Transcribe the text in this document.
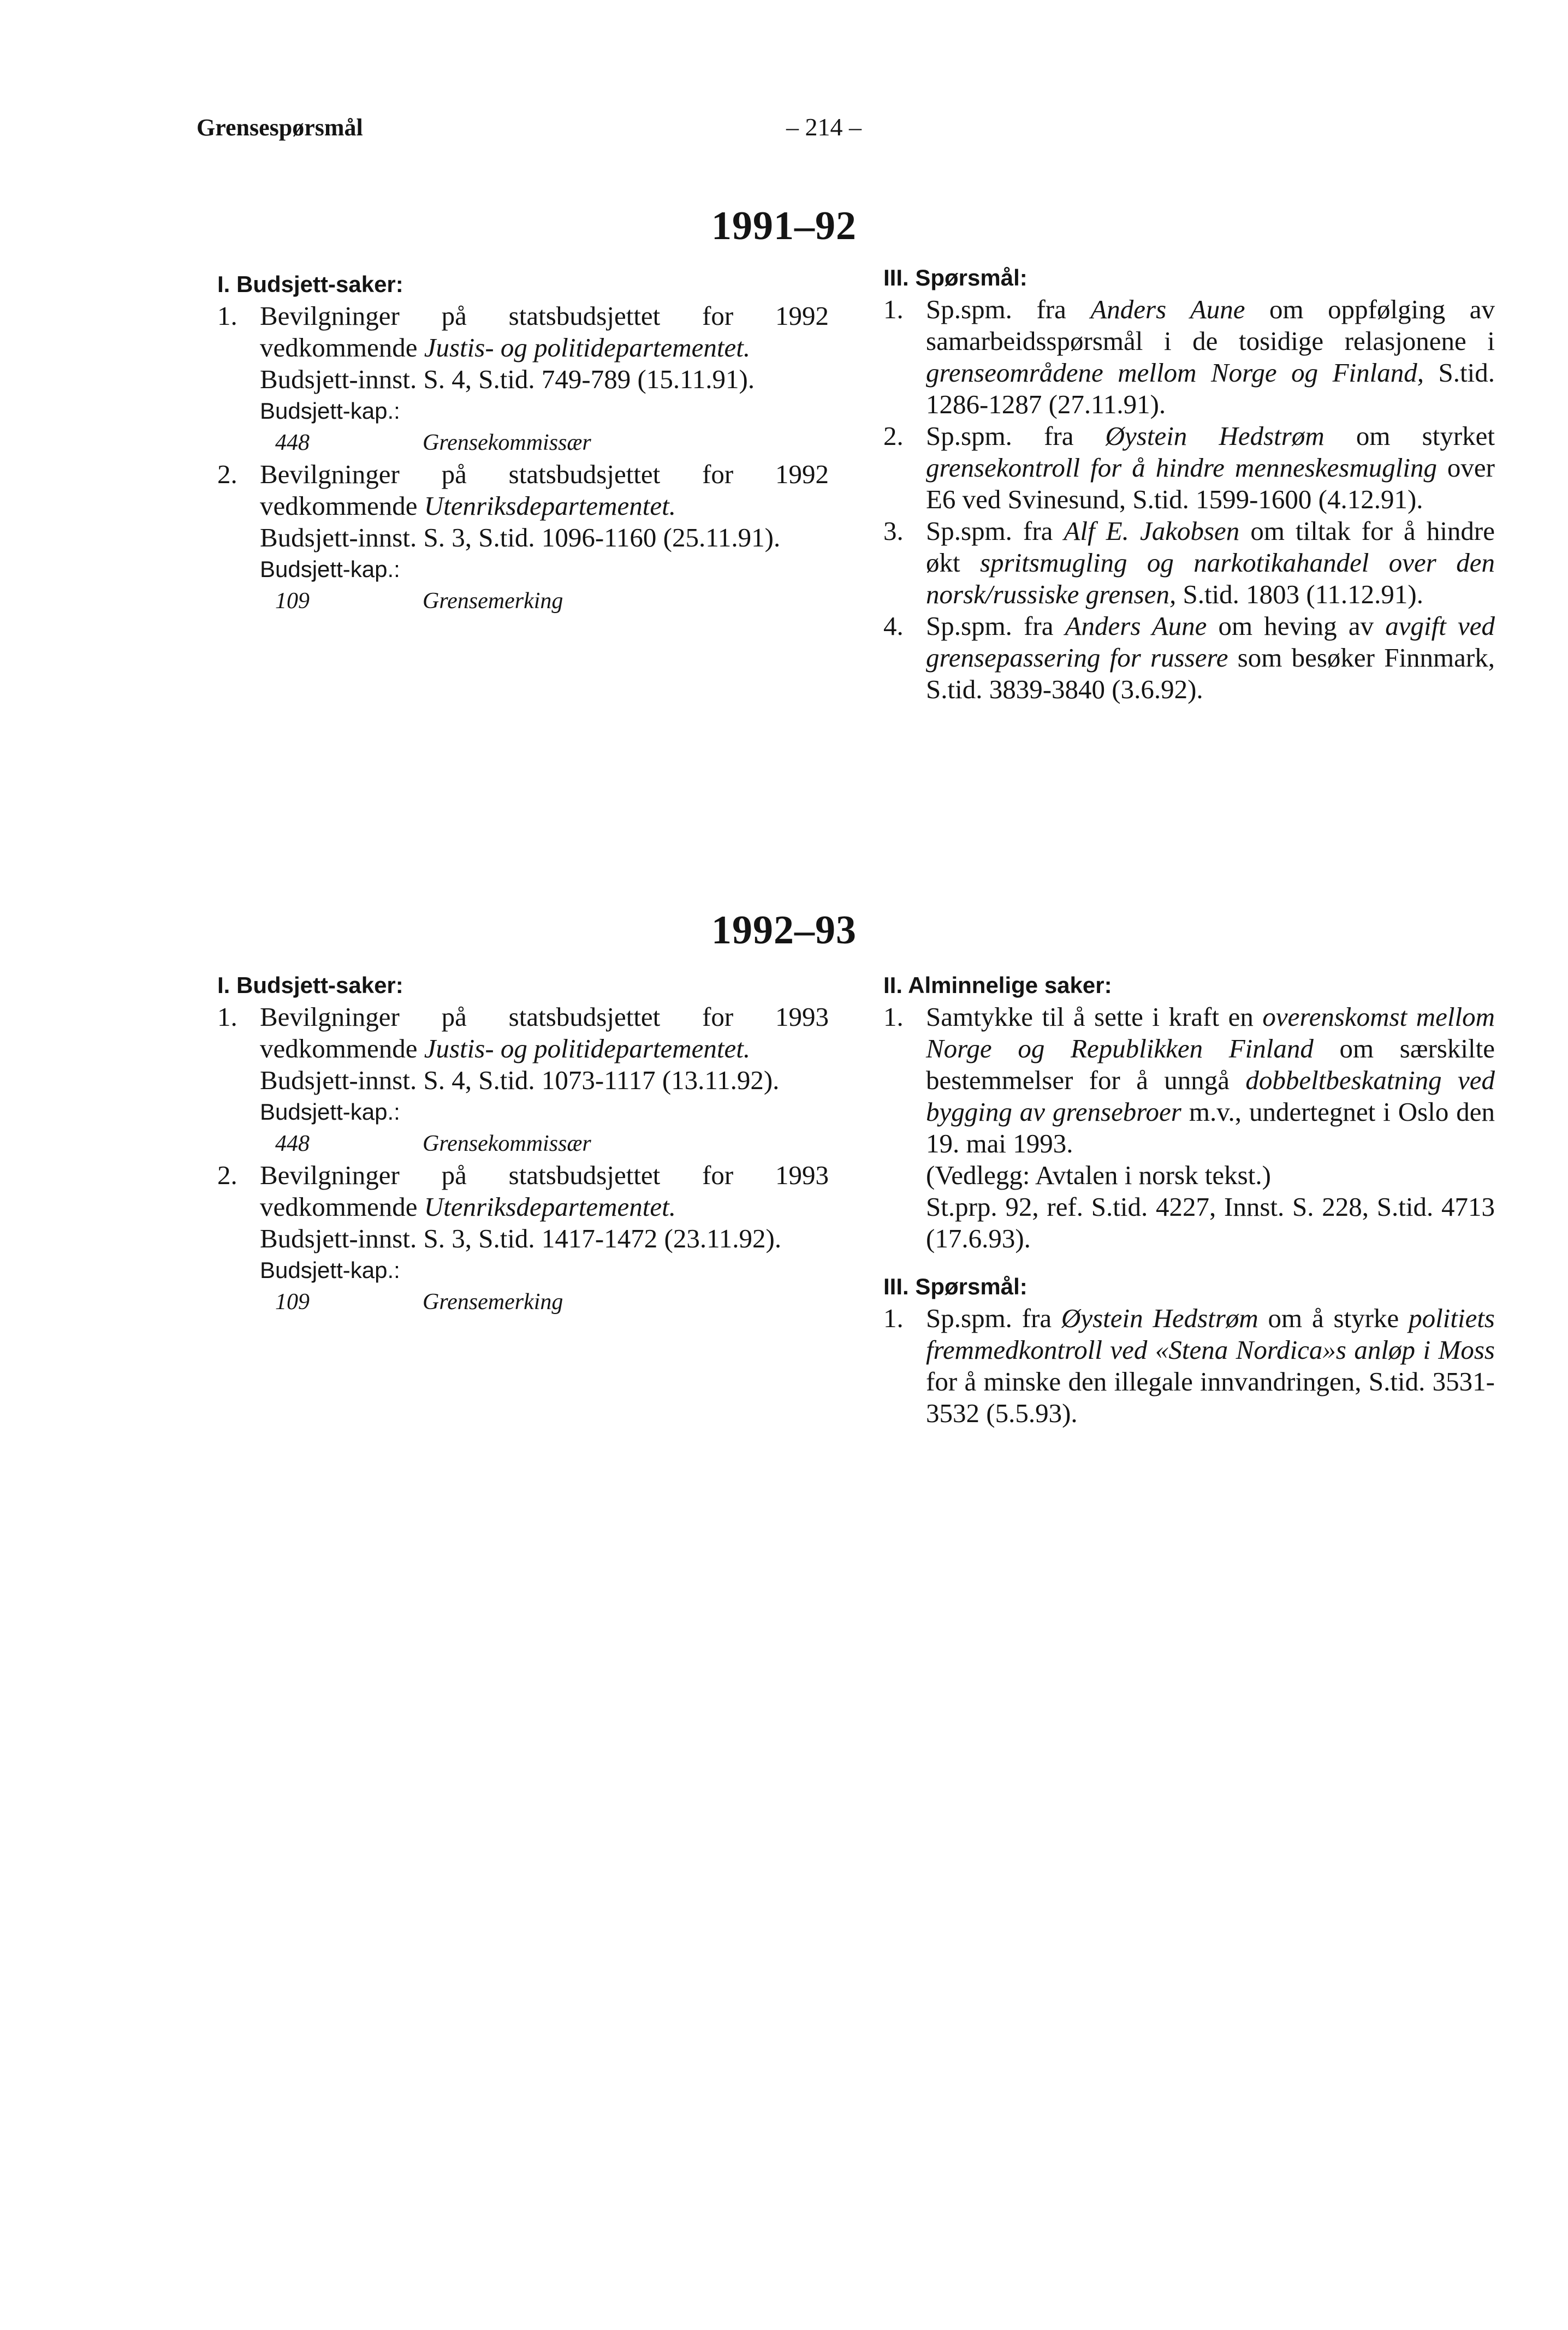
Grensespørsmål	– 214 –
1991–92
I. Budsjett-saker:
1. Bevilgninger på statsbudsjettet for 1992 vedkommende Justis- og politidepartementet.
Budsjett-innst. S. 4, S.tid. 749-789 (15.11.91).
Budsjett-kap.:
448	Grensekommissær
2. Bevilgninger på statsbudsjettet for 1992 vedkommende Utenriksdepartementet.
Budsjett-innst. S. 3, S.tid. 1096-1160 (25.11.91).
Budsjett-kap.:
109	Grensemerking
III. Spørsmål:
1. Sp.spm. fra Anders Aune om oppfølging av samarbeidsspørsmål i de tosidige relasjonene i grenseområdene mellom Norge og Finland, S.tid. 1286-1287 (27.11.91).
2. Sp.spm. fra Øystein Hedstrøm om styrket grensekontroll for å hindre menneskesmugling over E6 ved Svinesund, S.tid. 1599-1600 (4.12.91).
3. Sp.spm. fra Alf E. Jakobsen om tiltak for å hindre økt spritsmugling og narkotikahandel over den norsk/russiske grensen, S.tid. 1803 (11.12.91).
4. Sp.spm. fra Anders Aune om heving av avgift ved grensepassering for russere som besøker Finnmark, S.tid. 3839-3840 (3.6.92).
1992–93
I. Budsjett-saker:
1. Bevilgninger på statsbudsjettet for 1993 vedkommende Justis- og politidepartementet.
Budsjett-innst. S. 4, S.tid. 1073-1117 (13.11.92).
Budsjett-kap.:
448	Grensekommissær
2. Bevilgninger på statsbudsjettet for 1993 vedkommende Utenriksdepartementet.
Budsjett-innst. S. 3, S.tid. 1417-1472 (23.11.92).
Budsjett-kap.:
109	Grensemerking
II. Alminnelige saker:
1. Samtykke til å sette i kraft en overenskomst mellom Norge og Republikken Finland om særskilte bestemmelser for å unngå dobbeltbeskatning ved bygging av grensebroer m.v., undertegnet i Oslo den 19. mai 1993.
(Vedlegg: Avtalen i norsk tekst.)
St.prp. 92, ref. S.tid. 4227, Innst. S. 228, S.tid. 4713 (17.6.93).
III. Spørsmål:
1. Sp.spm. fra Øystein Hedstrøm om å styrke politiets fremmedkontroll ved «Stena Nordica»s anløp i Moss for å minske den illegale innvandringen, S.tid. 3531-3532 (5.5.93).
